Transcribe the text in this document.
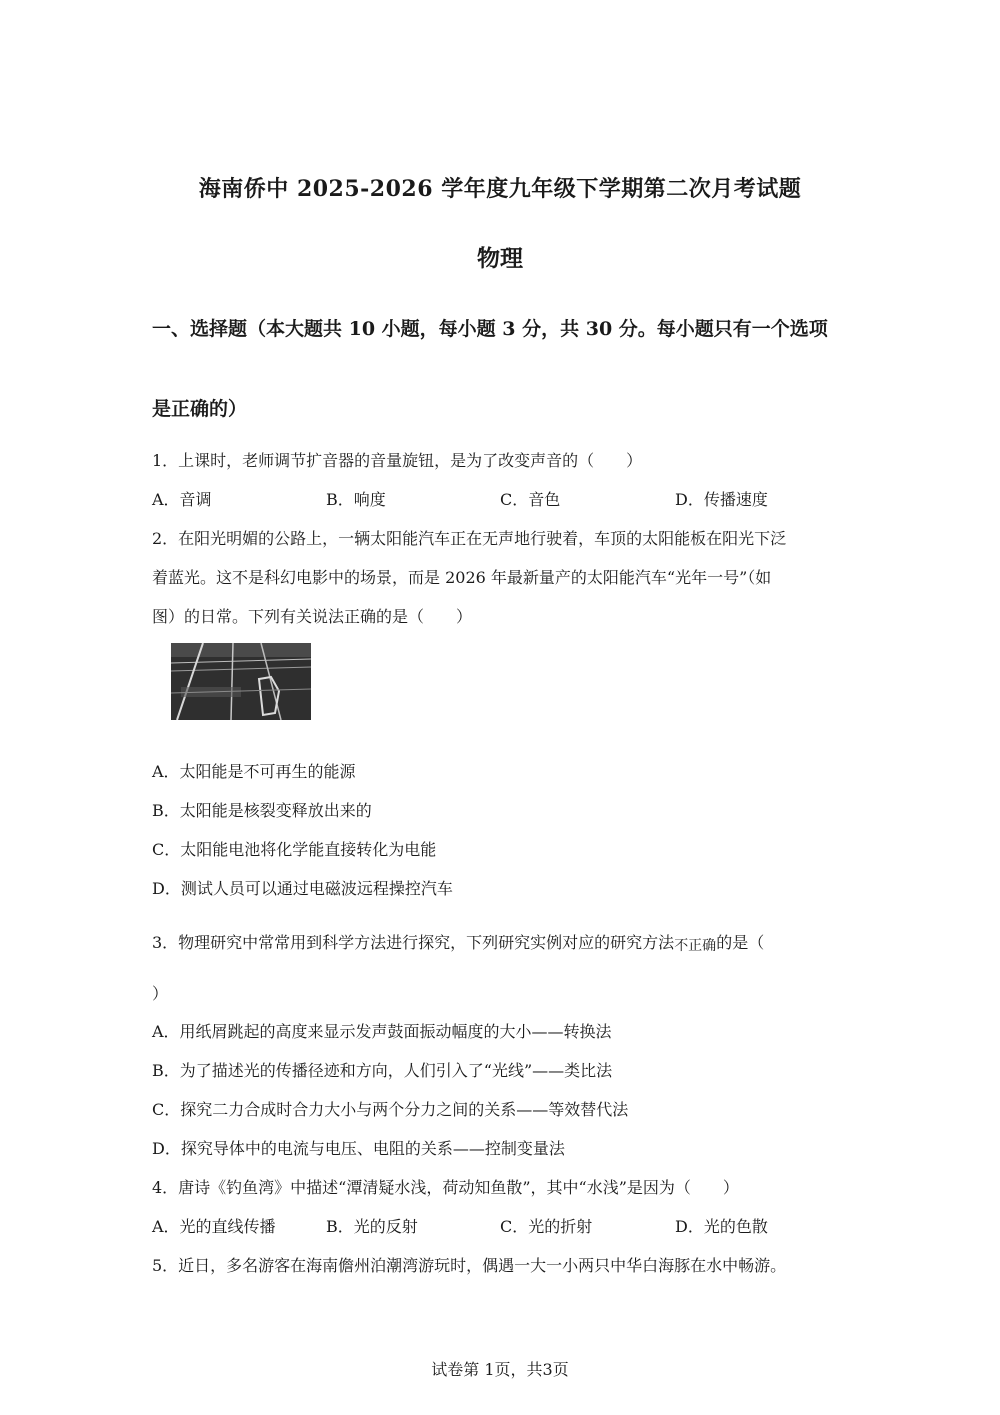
海南侨中 2025-2026 学年度九年级下学期第二次月考试题
物理
一、选择题（本大题共 10 小题，每小题 3 分，共 30 分。每小题只有一个选项
是正确的）
1．上课时，老师调节扩音器的音量旋钮，是为了改变声音的（　　）
A．音调	B．响度	C．音色	D．传播速度
2．在阳光明媚的公路上，一辆太阳能汽车正在无声地行驶着，车顶的太阳能板在阳光下泛
着蓝光。这不是科幻电影中的场景，而是 2026 年最新量产的太阳能汽车“光年一号”（如
图）的日常。下列有关说法正确的是（　　）
A．太阳能是不可再生的能源
B．太阳能是核裂变释放出来的
C．太阳能电池将化学能直接转化为电能
D．测试人员可以通过电磁波远程操控汽车
3．物理研究中常常用到科学方法进行探究，下列研究实例对应的研究方法不正确的是（
）
A．用纸屑跳起的高度来显示发声鼓面振动幅度的大小——转换法
B．为了描述光的传播径迹和方向，人们引入了“光线”——类比法
C．探究二力合成时合力大小与两个分力之间的关系——等效替代法
D．探究导体中的电流与电压、电阻的关系——控制变量法
4．唐诗《钓鱼湾》中描述“潭清疑水浅，荷动知鱼散”，其中“水浅”是因为（　　）
A．光的直线传播	B．光的反射	C．光的折射	D．光的色散
5．近日，多名游客在海南儋州泊潮湾游玩时，偶遇一大一小两只中华白海豚在水中畅游。
试卷第 1页，共3页
